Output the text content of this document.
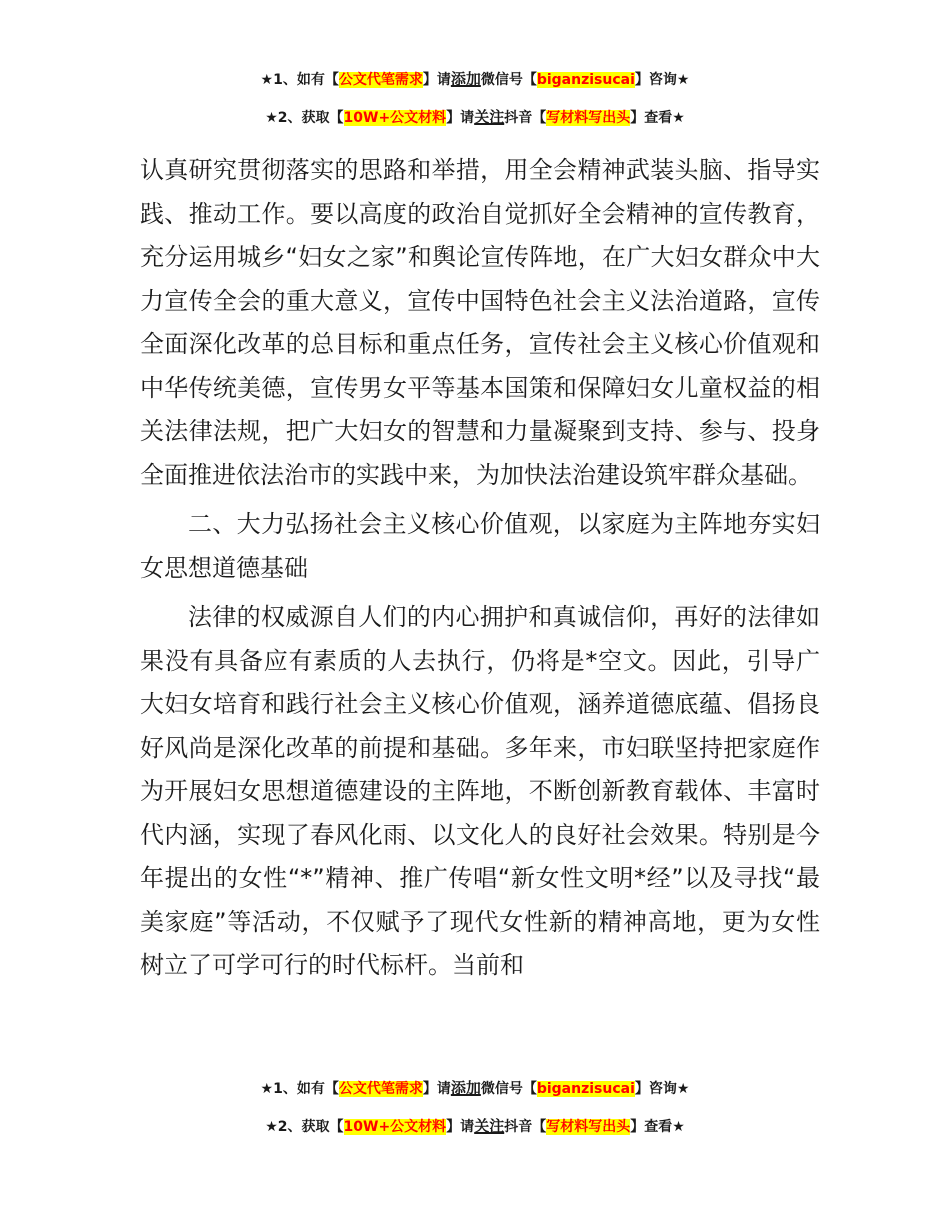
★1、如有【公文代笔需求】请添加微信号【biganzisucai】咨询★
★2、获取【10W+公文材料】请关注抖音【写材料写出头】查看★

认真研究贯彻落实的思路和举措，用全会精神武装头脑、指导实践、推动工作。要以高度的政治自觉抓好全会精神的宣传教育，充分运用城乡“妇女之家”和舆论宣传阵地，在广大妇女群众中大力宣传全会的重大意义，宣传中国特色社会主义法治道路，宣传全面深化改革的总目标和重点任务，宣传社会主义核心价值观和中华传统美德，宣传男女平等基本国策和保障妇女儿童权益的相关法律法规，把广大妇女的智慧和力量凝聚到支持、参与、投身全面推进依法治市的实践中来，为加快法治建设筑牢群众基础。

二、大力弘扬社会主义核心价值观，以家庭为主阵地夯实妇女思想道德基础

法律的权威源自人们的内心拥护和真诚信仰，再好的法律如果没有具备应有素质的人去执行，仍将是*空文。因此，引导广大妇女培育和践行社会主义核心价值观，涵养道德底蕴、倡扬良好风尚是深化改革的前提和基础。多年来，市妇联坚持把家庭作为开展妇女思想道德建设的主阵地，不断创新教育载体、丰富时代内涵，实现了春风化雨、以文化人的良好社会效果。特别是今年提出的女性“*”精神、推广传唱“新女性文明*经”以及寻找“最美家庭”等活动，不仅赋予了现代女性新的精神高地，更为女性树立了可学可行的时代标杆。当前和

★1、如有【公文代笔需求】请添加微信号【biganzisucai】咨询★
★2、获取【10W+公文材料】请关注抖音【写材料写出头】查看★
